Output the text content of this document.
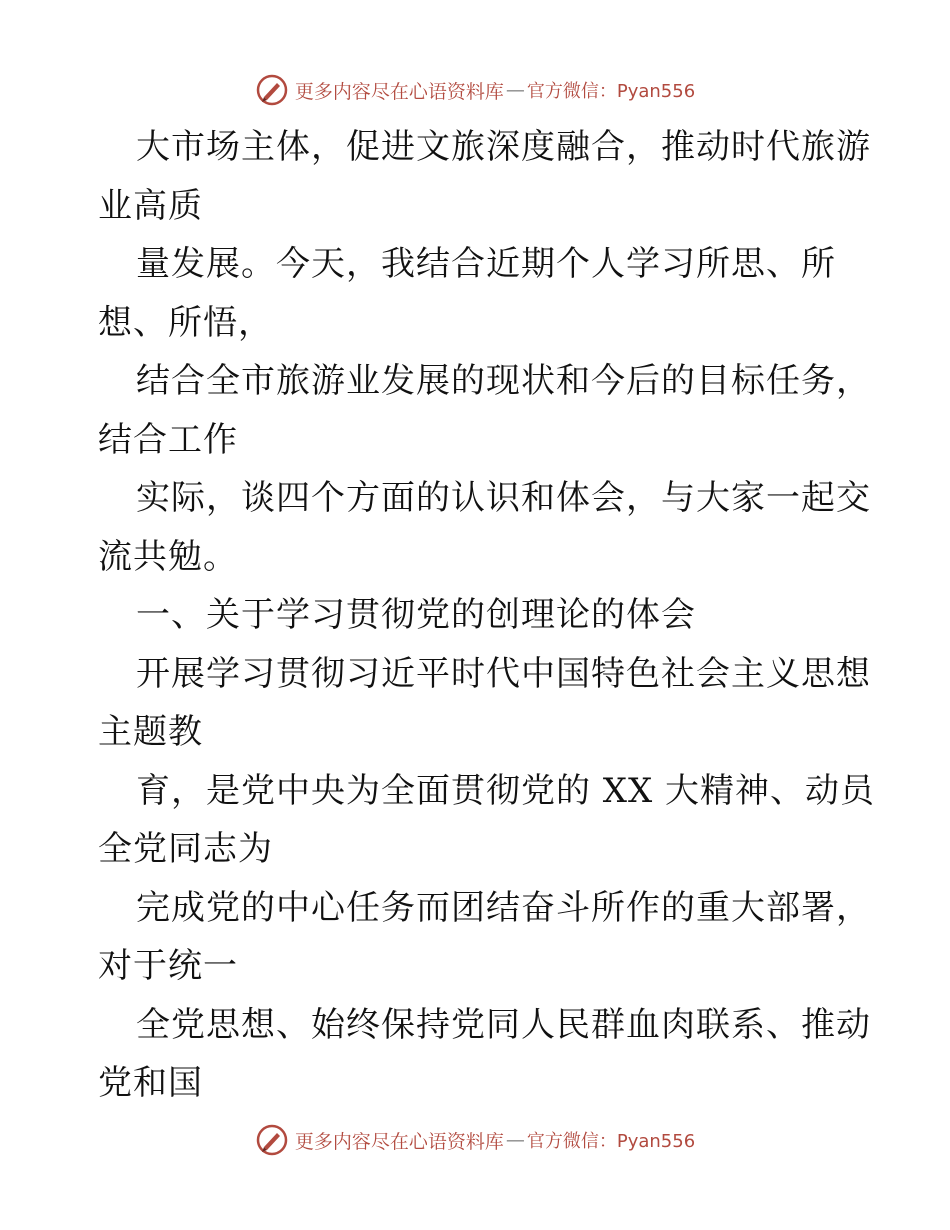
更多内容尽在心语资料库 — 官方微信：Pyan556
大市场主体，促进文旅深度融合，推动时代旅游
业高质
量发展。今天，我结合近期个人学习所思、所
想、所悟，
结合全市旅游业发展的现状和今后的目标任务，
结合工作
实际，谈四个方面的认识和体会，与大家一起交
流共勉。
一、关于学习贯彻党的创理论的体会
开展学习贯彻习近平时代中国特色社会主义思想
主题教
育，是党中央为全面贯彻党的 XX 大精神、动员
全党同志为
完成党的中心任务而团结奋斗所作的重大部署，
对于统一
全党思想、始终保持党同人民群血肉联系、推动
党和国
更多内容尽在心语资料库 — 官方微信：Pyan556
